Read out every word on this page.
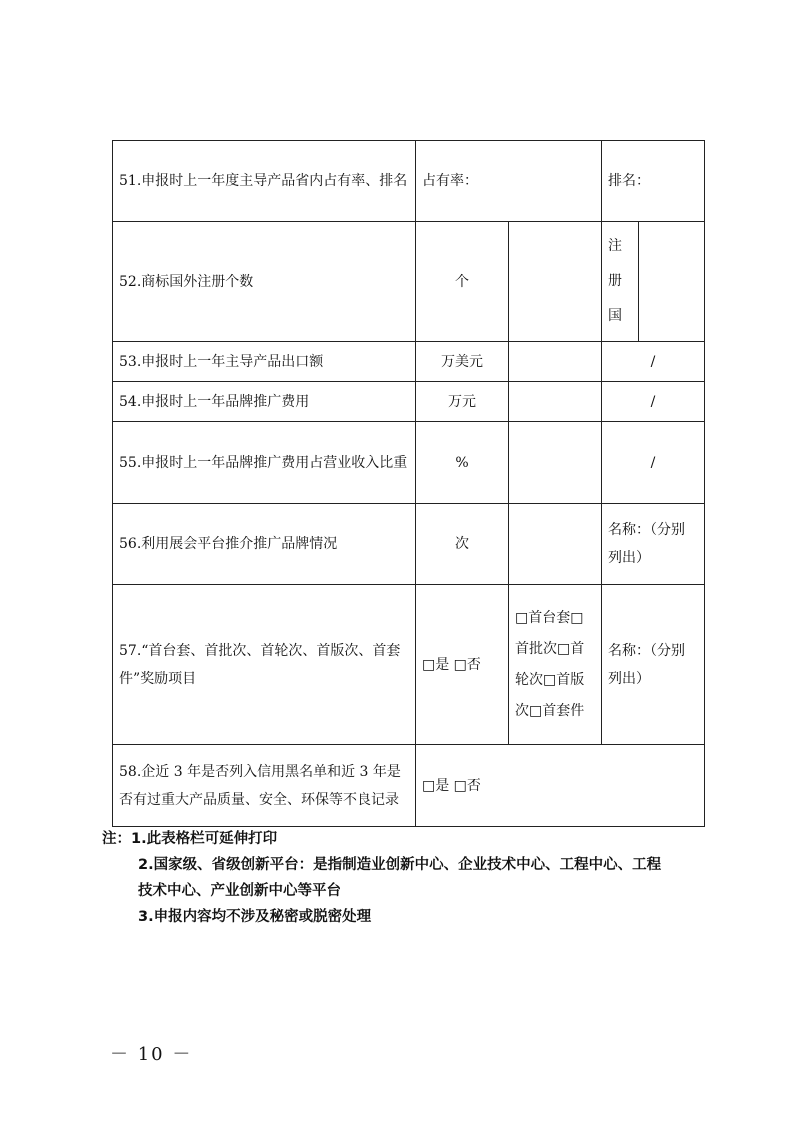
51.申报时上一年度主导产品省内占有率、排名	占有率：		排名：	
52.商标国外注册个数	个		注
册
国	

53.申报时上一年主导产品出口额	万美元		/	
54.申报时上一年品牌推广费用	万元		/	
55.申报时上一年品牌推广费用占营业收入比重	%		/	
56.利用展会平台推介推广品牌情况	次		名称：（分别列出）	
57.“首台套、首批次、首轮次、首版次、首套件”奖励项目	□是 □否	□首台套□首批次□首轮次□首版次□首套件	名称：（分别列出）	
58.企近 3 年是否列入信用黑名单和近 3 年是否有过重大产品质量、安全、环保等不良记录	□是 □否			
注：1.此表格栏可延伸打印
2.国家级、省级创新平台：是指制造业创新中心、企业技术中心、工程中心、工程
技术中心、产业创新中心等平台
3.申报内容均不涉及秘密或脱密处理
－ 10 －
